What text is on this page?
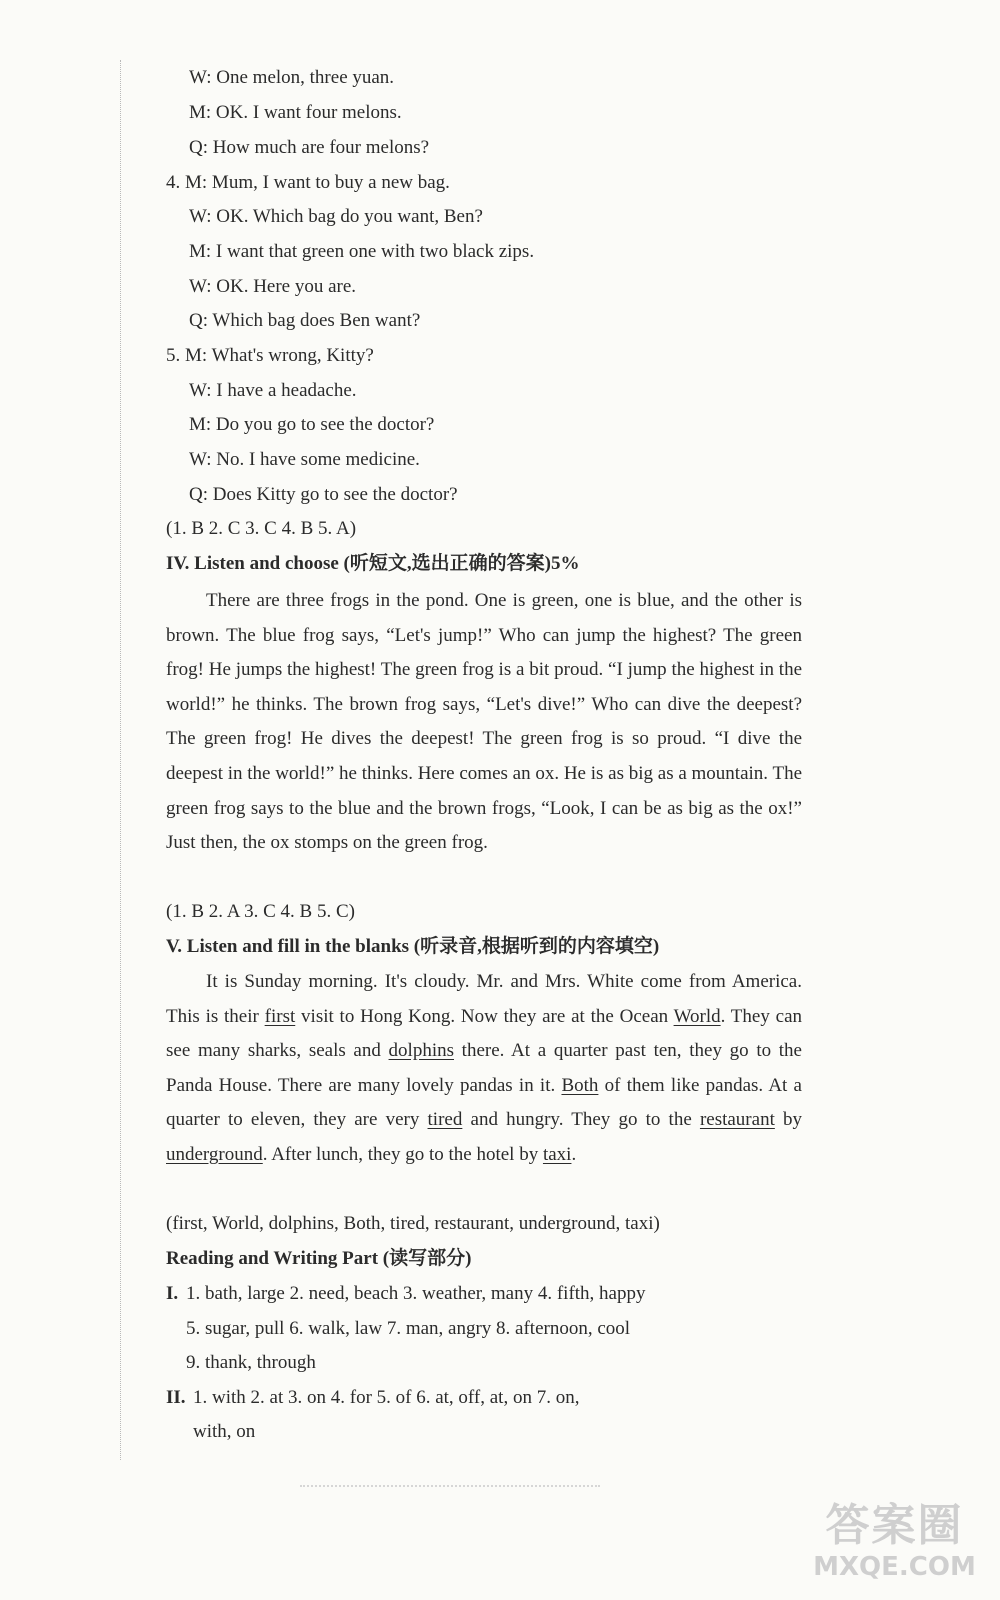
W: One melon, three yuan.
M: OK. I want four melons.
Q: How much are four melons?
4. M: Mum, I want to buy a new bag.
W: OK. Which bag do you want, Ben?
M: I want that green one with two black zips.
W: OK. Here you are.
Q: Which bag does Ben want?
5. M: What's wrong, Kitty?
W: I have a headache.
M: Do you go to see the doctor?
W: No. I have some medicine.
Q: Does Kitty go to see the doctor?
(1. B 2. C 3. C 4. B 5. A)
IV. Listen and choose (听短文,选出正确的答案)5%
There are three frogs in the pond. One is green, one is blue, and the other is brown. The blue frog says, “Let's jump!” Who can jump the highest? The green frog! He jumps the highest! The green frog is a bit proud. “I jump the highest in the world!” he thinks. The brown frog says, “Let's dive!” Who can dive the deepest? The green frog! He dives the deepest! The green frog is so proud. “I dive the deepest in the world!” he thinks. Here comes an ox. He is as big as a mountain. The green frog says to the blue and the brown frogs, “Look, I can be as big as the ox!” Just then, the ox stomps on the green frog.
(1. B 2. A 3. C 4. B 5. C)
V. Listen and fill in the blanks (听录音,根据听到的内容填空)
It is Sunday morning. It's cloudy. Mr. and Mrs. White come from America. This is their first visit to Hong Kong. Now they are at the Ocean World. They can see many sharks, seals and dolphins there. At a quarter past ten, they go to the Panda House. There are many lovely pandas in it. Both of them like pandas. At a quarter to eleven, they are very tired and hungry. They go to the restaurant by underground. After lunch, they go to the hotel by taxi.
(first, World, dolphins, Both, tired, restaurant, underground, taxi)
Reading and Writing Part (读写部分)
I. 1. bath, large 2. need, beach 3. weather, many 4. fifth, happy
5. sugar, pull 6. walk, law 7. man, angry 8. afternoon, cool
9. thank, through
II. 1. with 2. at 3. on 4. for 5. of 6. at, off, at, on 7. on,
with, on
答案圈
MXQE.COM
